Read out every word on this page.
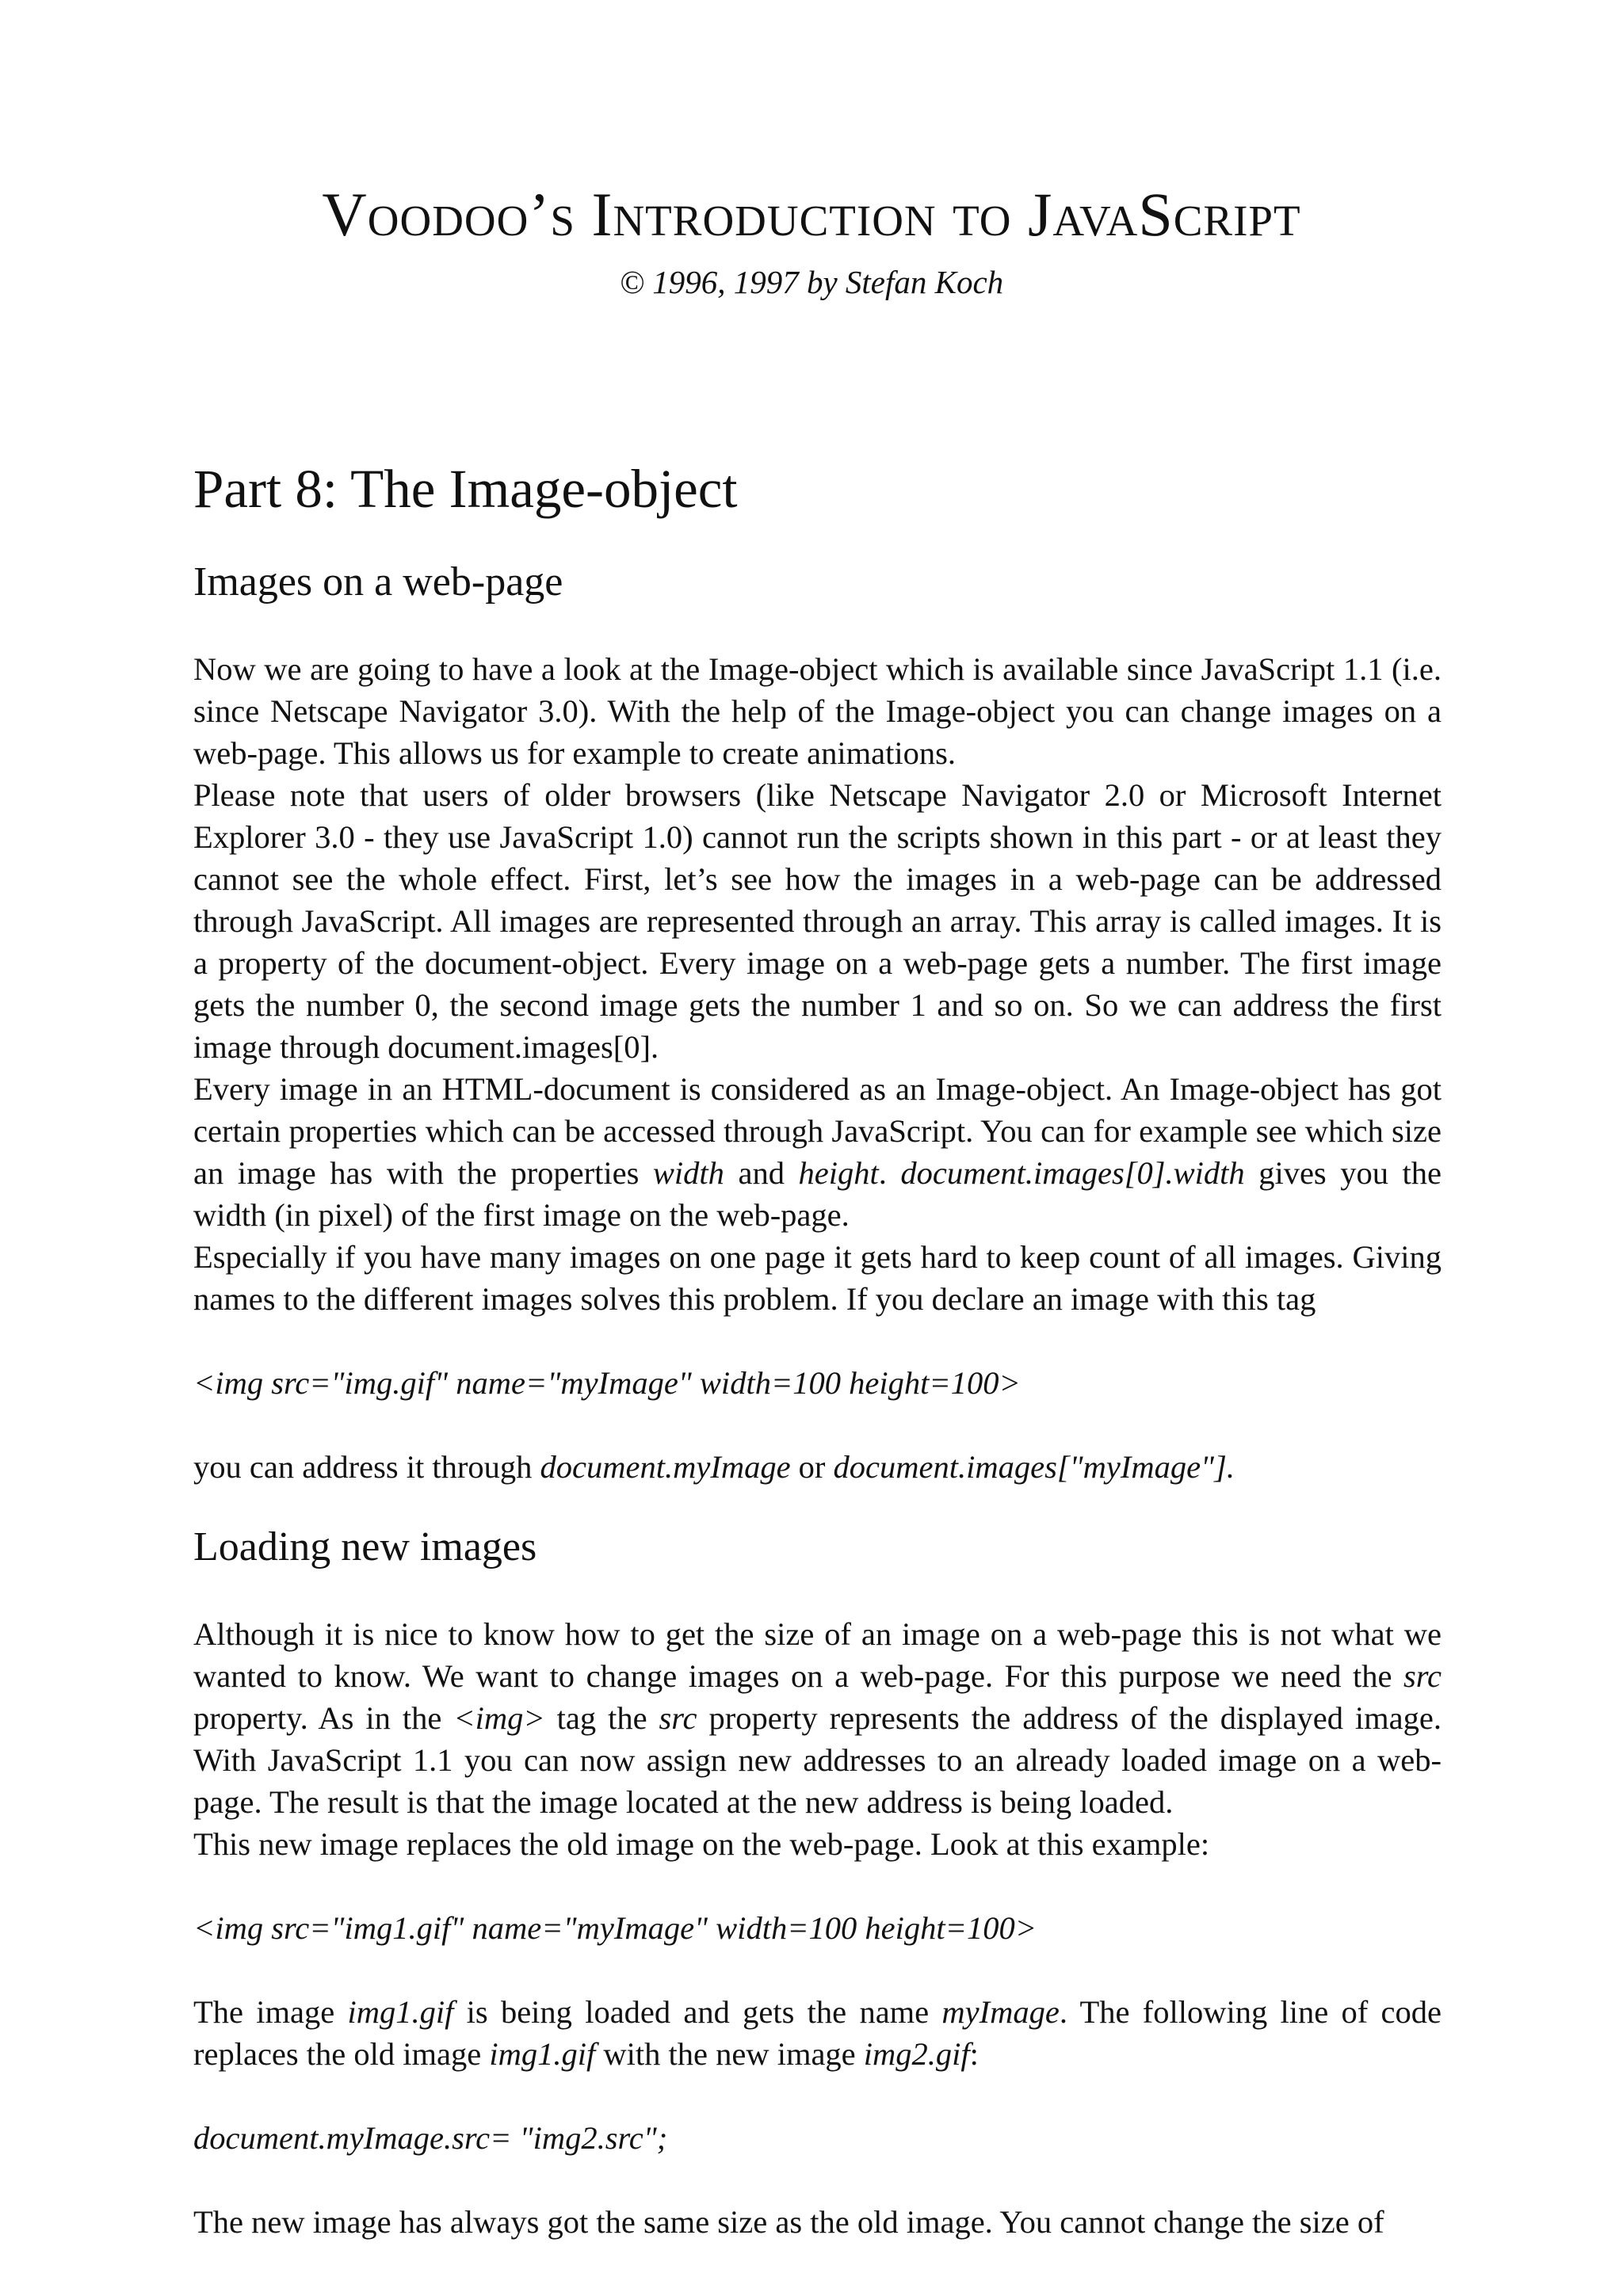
Voodoo’s Introduction to JavaScript
© 1996, 1997 by Stefan Koch
Part 8: The Image-object
Images on a web-page

Now we are going to have a look at the Image-object which is available since JavaScript 1.1 (i.e. since Netscape Navigator 3.0). With the help of the Image-object you can change images on a web-page. This allows us for example to create animations.

Please note that users of older browsers (like Netscape Navigator 2.0 or Microsoft Internet Explorer 3.0 - they use JavaScript 1.0) cannot run the scripts shown in this part - or at least they cannot see the whole effect. First, let’s see how the images in a web-page can be addressed through JavaScript. All images are represented through an array. This array is called images. It is a property of the document-object. Every image on a web-page gets a number. The first image gets the number 0, the second image gets the number 1 and so on. So we can address the first image through document.images[0].

Every image in an HTML-document is considered as an Image-object. An Image-object has got certain properties which can be accessed through JavaScript. You can for example see which size an image has with the properties width and height. document.images[0].width gives you the width (in pixel) of the first image on the web-page.

Especially if you have many images on one page it gets hard to keep count of all images. Giving names to the different images solves this problem. If you declare an image with this tag

<img src="img.gif" name="myImage" width=100 height=100>

you can address it through document.myImage or document.images["myImage"].

Loading new images

Although it is nice to know how to get the size of an image on a web-page this is not what we wanted to know. We want to change images on a web-page. For this purpose we need the src property. As in the <img> tag the src property represents the address of the displayed image. With JavaScript 1.1 you can now assign new addresses to an already loaded image on a web-page. The result is that the image located at the new address is being loaded.

This new image replaces the old image on the web-page. Look at this example:

<img src="img1.gif" name="myImage" width=100 height=100>

The image img1.gif is being loaded and gets the name myImage. The following line of code replaces the old image img1.gif with the new image img2.gif:

document.myImage.src= "img2.src";

The new image has always got the same size as the old image. You cannot change the size of
